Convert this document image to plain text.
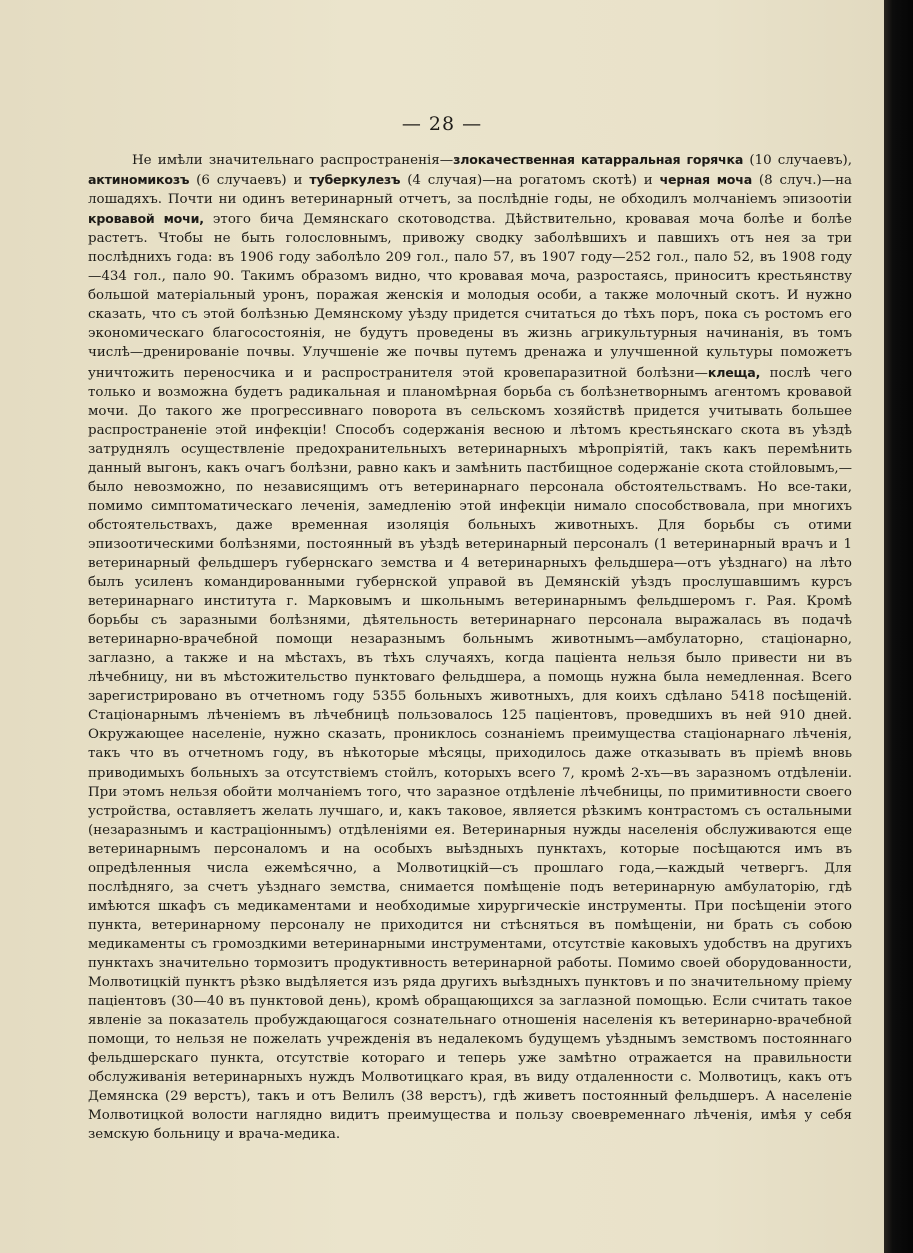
— 28 —

Не имѣли значительнаго распространенія—злокачественная катарральная горячка (10 случаевъ), актиномикозъ (6 случаевъ) и туберкулезъ (4 случая)—на рогатомъ скотѣ) и черная моча (8 случ.)—на лошадяхъ. Почти ни одинъ ветеринарный отчетъ, за послѣдніе годы, не обходилъ молчаніемъ эпизоотіи кровавой мочи, этого бича Демянскаго скотоводства. Дѣйствительно, кровавая моча болѣе и болѣе растетъ. Чтобы не быть голословнымъ, привожу сводку заболѣвшихъ и павшихъ отъ нея за три послѣднихъ года: въ 1906 году заболѣло 209 гол., пало 57, въ 1907 году—252 гол., пало 52, въ 1908 году—434 гол., пало 90. Такимъ образомъ видно, что кровавая моча, разростаясь, приноситъ крестьянству большой матеріальный уронъ, поражая женскія и молодыя особи, а также молочный скотъ. И нужно сказать, что съ этой болѣзнью Демянскому уѣзду придется считаться до тѣхъ поръ, пока съ ростомъ его экономическаго благосостоянія, не будутъ проведены въ жизнь агрикультурныя начинанія, въ томъ числѣ—дренированіе почвы. Улучшеніе же почвы путемъ дренажа и улучшенной культуры поможетъ уничтожить переносчика и и распространителя этой кровепаразитной болѣзни—клеща, послѣ чего только и возможна будетъ радикальная и планомѣрная борьба съ болѣзнетворнымъ агентомъ кровавой мочи. До такого же прогрессивнаго поворота въ сельскомъ хозяйствѣ придется учитывать большее распространеніе этой инфекціи! Способъ содержанія весною и лѣтомъ крестьянскаго скота въ уѣздѣ затруднялъ осуществленіе предохранительныхъ ветеринарныхъ мѣропріятій, такъ какъ перемѣнить данный выгонъ, какъ очагъ болѣзни, равно какъ и замѣнить пастбищное содержаніе скота стойловымъ,—было невозможно, по независящимъ отъ ветеринарнаго персонала обстоятельствамъ. Но все-таки, помимо симптоматическаго леченія, замедленію этой инфекціи нимало способствовала, при многихъ обстоятельствахъ, даже временная изоляція больныхъ животныхъ. Для борьбы съ отими эпизоотическими болѣзнями, постоянный въ уѣздѣ ветеринарный персоналъ (1 ветеринарный врачъ и 1 ветеринарный фельдшеръ губернскаго земства и 4 ветеринарныхъ фельдшера—отъ уѣзднаго) на лѣто былъ усиленъ командированными губернской управой въ Демянскій уѣздъ прослушавшимъ курсъ ветеринарнаго института г. Марковымъ и школьнымъ ветеринарнымъ фельдшеромъ г. Рая. Кромѣ борьбы съ заразными болѣзнями, дѣятельность ветеринарнаго персонала выражалась въ подачѣ ветеринарно-врачебной помощи незаразнымъ больнымъ животнымъ—амбулаторно, стаціонарно, заглазно, а также и на мѣстахъ, въ тѣхъ случаяхъ, когда паціента нельзя было привести ни въ лѣчебницу, ни въ мѣстожительство пунктоваго фельдшера, а помощь нужна была немедленная. Всего зарегистрировано въ отчетномъ году 5355 больныхъ животныхъ, для коихъ сдѣлано 5418 посѣщеній. Стаціонарнымъ лѣченіемъ въ лѣчебницѣ пользовалось 125 паціентовъ, проведшихъ въ ней 910 дней. Окружающее населеніе, нужно сказать, прониклось сознаніемъ преимущества стаціонарнаго лѣченія, такъ что въ отчетномъ году, въ нѣкоторые мѣсяцы, приходилось даже отказывать въ пріемѣ вновь приводимыхъ больныхъ за отсутствіемъ стойлъ, которыхъ всего 7, кромѣ 2-хъ—въ заразномъ отдѣленіи. При этомъ нельзя обойти молчаніемъ того, что заразное отдѣленіе лѣчебницы, по примитивности своего устройства, оставляетъ желать лучшаго, и, какъ таковое, является рѣзкимъ контрастомъ съ остальными (незаразнымъ и кастраціоннымъ) отдѣленіями ея. Ветеринарныя нужды населенія обслуживаются еще ветеринарнымъ персоналомъ и на особыхъ выѣздныхъ пунктахъ, которые посѣщаются имъ въ опредѣленныя числа ежемѣсячно, а Молвотицкій—съ прошлаго года,—каждый четвергъ. Для послѣдняго, за счетъ уѣзднаго земства, снимается помѣщеніе подъ ветеринарную амбулаторію, гдѣ имѣются шкафъ съ медикаментами и необходимые хирургическіе инструменты. При посѣщеніи этого пункта, ветеринарному персоналу не приходится ни стѣсняться въ помѣщеніи, ни брать съ собою медикаменты съ громоздкими ветеринарными инструментами, отсутствіе каковыхъ удобствъ на другихъ пунктахъ значительно тормозитъ продуктивность ветеринарной работы. Помимо своей оборудованности, Молвотицкій пунктъ рѣзко выдѣляется изъ ряда другихъ выѣздныхъ пунктовъ и по значительному пріему паціентовъ (30—40 въ пунктовой день), кромѣ обращающихся за заглазной помощью. Если считать такое явленіе за показатель пробуждающагося сознательнаго отношенія населенія къ ветеринарно-врачебной помощи, то нельзя не пожелать учрежденія въ недалекомъ будущемъ уѣзднымъ земствомъ постояннаго фельдшерскаго пункта, отсутствіе котораго и теперь уже замѣтно отражается на правильности обслуживанія ветеринарныхъ нуждъ Молвотицкаго края, въ виду отдаленности с. Молвотицъ, какъ отъ Демянска (29 верстъ), такъ и отъ Велилъ (38 верстъ), гдѣ живетъ постоянный фельдшеръ. А населеніе Молвотицкой волости наглядно видитъ преимущества и пользу своевременнаго лѣченія, имѣя у себя земскую больницу и врача-медика.
